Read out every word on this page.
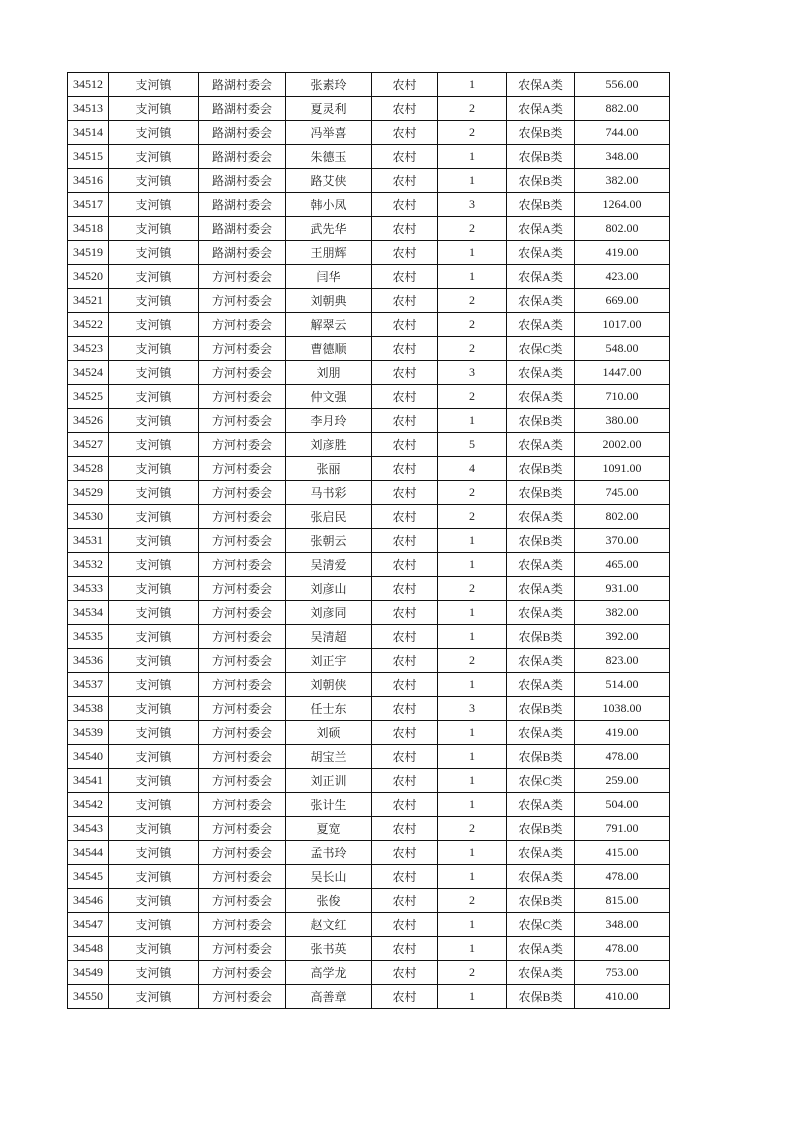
34512	支河镇	路湖村委会	张素玲	农村	1	农保A类	556.00
34513	支河镇	路湖村委会	夏灵利	农村	2	农保A类	882.00
34514	支河镇	路湖村委会	冯举喜	农村	2	农保B类	744.00
34515	支河镇	路湖村委会	朱德玉	农村	1	农保B类	348.00
34516	支河镇	路湖村委会	路艾侠	农村	1	农保B类	382.00
34517	支河镇	路湖村委会	韩小凤	农村	3	农保B类	1264.00
34518	支河镇	路湖村委会	武先华	农村	2	农保A类	802.00
34519	支河镇	路湖村委会	王朋辉	农村	1	农保A类	419.00
34520	支河镇	方河村委会	闫华	农村	1	农保A类	423.00
34521	支河镇	方河村委会	刘朝典	农村	2	农保A类	669.00
34522	支河镇	方河村委会	解翠云	农村	2	农保A类	1017.00
34523	支河镇	方河村委会	曹德顺	农村	2	农保C类	548.00
34524	支河镇	方河村委会	刘朋	农村	3	农保A类	1447.00
34525	支河镇	方河村委会	仲文强	农村	2	农保A类	710.00
34526	支河镇	方河村委会	李月玲	农村	1	农保B类	380.00
34527	支河镇	方河村委会	刘彦胜	农村	5	农保A类	2002.00
34528	支河镇	方河村委会	张丽	农村	4	农保B类	1091.00
34529	支河镇	方河村委会	马书彩	农村	2	农保B类	745.00
34530	支河镇	方河村委会	张启民	农村	2	农保A类	802.00
34531	支河镇	方河村委会	张朝云	农村	1	农保B类	370.00
34532	支河镇	方河村委会	吴清爱	农村	1	农保A类	465.00
34533	支河镇	方河村委会	刘彦山	农村	2	农保A类	931.00
34534	支河镇	方河村委会	刘彦同	农村	1	农保A类	382.00
34535	支河镇	方河村委会	吴清超	农村	1	农保B类	392.00
34536	支河镇	方河村委会	刘正宇	农村	2	农保A类	823.00
34537	支河镇	方河村委会	刘朝侠	农村	1	农保A类	514.00
34538	支河镇	方河村委会	任士东	农村	3	农保B类	1038.00
34539	支河镇	方河村委会	刘硕	农村	1	农保A类	419.00
34540	支河镇	方河村委会	胡宝兰	农村	1	农保B类	478.00
34541	支河镇	方河村委会	刘正训	农村	1	农保C类	259.00
34542	支河镇	方河村委会	张计生	农村	1	农保A类	504.00
34543	支河镇	方河村委会	夏宽	农村	2	农保B类	791.00
34544	支河镇	方河村委会	孟书玲	农村	1	农保A类	415.00
34545	支河镇	方河村委会	吴长山	农村	1	农保A类	478.00
34546	支河镇	方河村委会	张俊	农村	2	农保B类	815.00
34547	支河镇	方河村委会	赵文红	农村	1	农保C类	348.00
34548	支河镇	方河村委会	张书英	农村	1	农保A类	478.00
34549	支河镇	方河村委会	高学龙	农村	2	农保A类	753.00
34550	支河镇	方河村委会	高善章	农村	1	农保B类	410.00
